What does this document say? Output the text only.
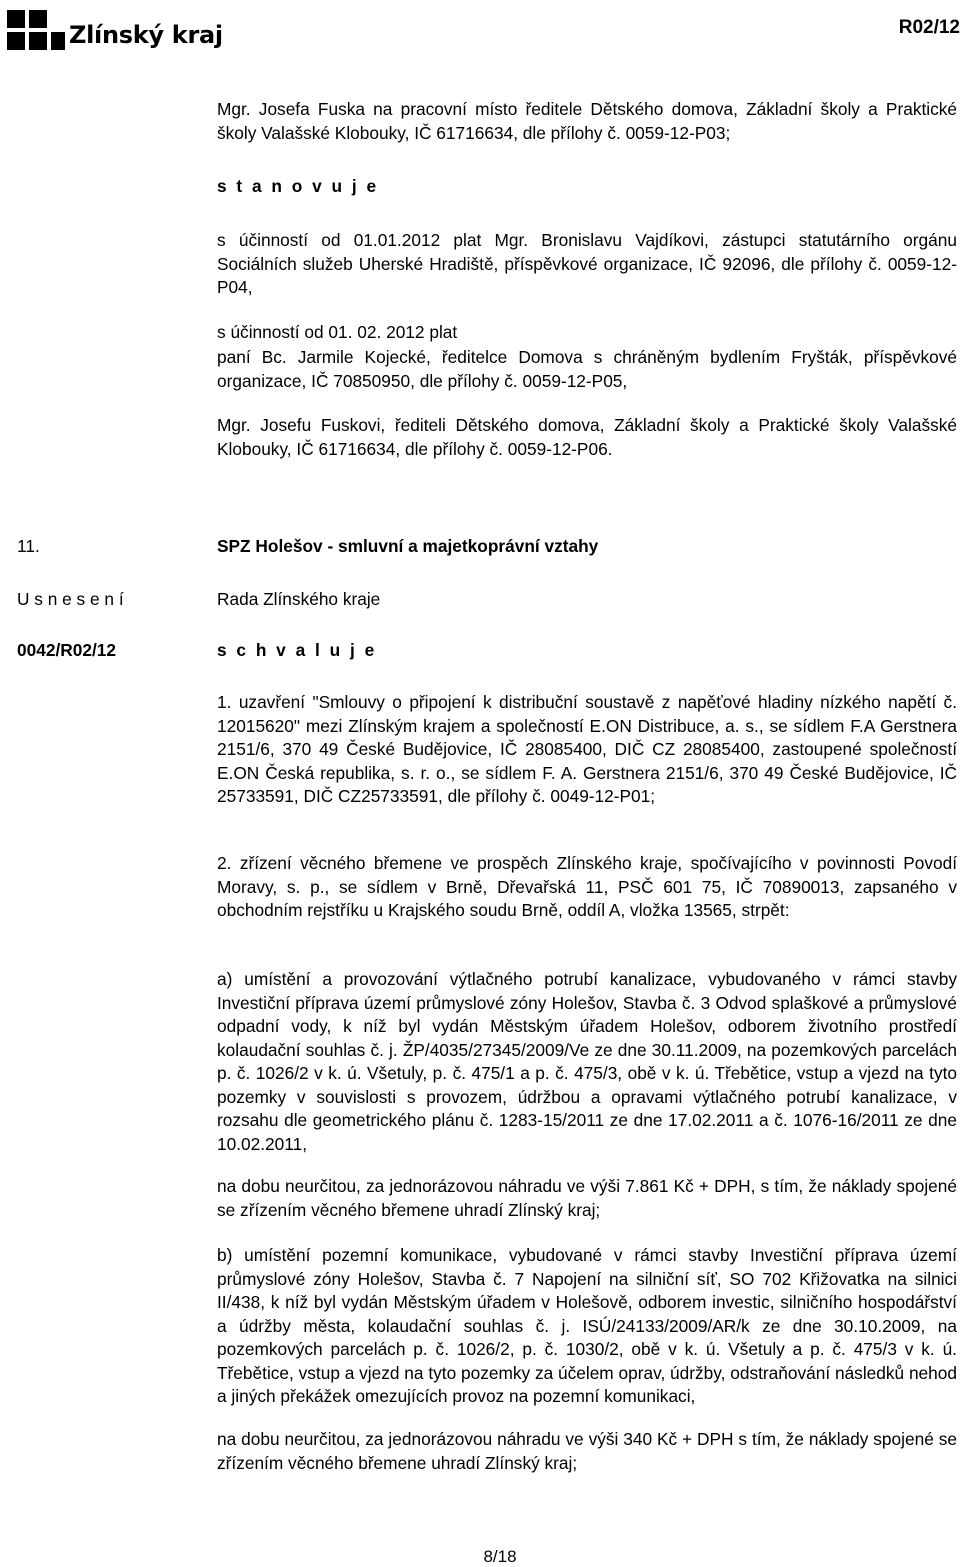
Zlínský kraj	R02/12

Mgr. Josefa Fuska na pracovní místo ředitele Dětského domova, Základní školy a Praktické školy Valašské Klobouky, IČ 61716634, dle přílohy č. 0059-12-P03;

s t a n o v u j e

s účinností od 01.01.2012 plat Mgr. Bronislavu Vajdíkovi, zástupci statutárního orgánu Sociálních služeb Uherské Hradiště, příspěvkové organizace, IČ 92096, dle přílohy č. 0059-12-P04,

s účinností od 01. 02. 2012 plat

paní Bc. Jarmile Kojecké, ředitelce Domova s chráněným bydlením Fryšták, příspěvkové organizace, IČ 70850950, dle přílohy č. 0059-12-P05,

Mgr. Josefu Fuskovi, řediteli Dětského domova, Základní školy a Praktické školy Valašské Klobouky, IČ 61716634, dle přílohy č. 0059-12-P06.

11.	SPZ Holešov - smluvní a majetkoprávní vztahy

U s n e s e n í	Rada Zlínského kraje

0042/R02/12	s c h v a l u j e

1. uzavření "Smlouvy o připojení k distribuční soustavě z napěťové hladiny nízkého napětí č. 12015620" mezi Zlínským krajem a společností E.ON Distribuce, a. s., se sídlem F.A Gerstnera 2151/6, 370 49 České Budějovice, IČ 28085400, DIČ CZ 28085400, zastoupené společností E.ON Česká republika, s. r. o., se sídlem F. A. Gerstnera 2151/6, 370 49 České Budějovice, IČ 25733591, DIČ CZ25733591, dle přílohy č. 0049-12-P01;

2. zřízení věcného břemene ve prospěch Zlínského kraje, spočívajícího v povinnosti Povodí Moravy, s. p., se sídlem v Brně, Dřevařská 11, PSČ 601 75, IČ 70890013, zapsaného v obchodním rejstříku u Krajského soudu Brně, oddíl A, vložka 13565, strpět:

a) umístění a provozování výtlačného potrubí kanalizace, vybudovaného v rámci stavby Investiční příprava území průmyslové zóny Holešov, Stavba č. 3 Odvod splaškové a průmyslové odpadní vody, k níž byl vydán Městským úřadem Holešov, odborem životního prostředí kolaudační souhlas č. j. ŽP/4035/27345/2009/Ve ze dne 30.11.2009, na pozemkových parcelách p. č. 1026/2 v k. ú. Všetuly, p. č. 475/1 a p. č. 475/3, obě v k. ú. Třebětice, vstup a vjezd na tyto pozemky v souvislosti s provozem, údržbou a opravami výtlačného potrubí kanalizace, v rozsahu dle geometrického plánu č. 1283-15/2011 ze dne 17.02.2011 a č. 1076-16/2011 ze dne 10.02.2011,

na dobu neurčitou, za jednorázovou náhradu ve výši 7.861 Kč + DPH, s tím, že náklady spojené se zřízením věcného břemene uhradí Zlínský kraj;

b) umístění pozemní komunikace, vybudované v rámci stavby Investiční příprava území průmyslové zóny Holešov, Stavba č. 7 Napojení na silniční síť, SO 702 Křižovatka na silnici II/438, k níž byl vydán Městským úřadem v Holešově, odborem investic, silničního hospodářství a údržby města, kolaudační souhlas č. j. ISÚ/24133/2009/AR/k ze dne 30.10.2009, na pozemkových parcelách p. č. 1026/2, p. č. 1030/2, obě v k. ú. Všetuly a p. č. 475/3 v k. ú. Třebětice, vstup a vjezd na tyto pozemky za účelem oprav, údržby, odstraňování následků nehod a jiných překážek omezujících provoz na pozemní komunikaci,

na dobu neurčitou, za jednorázovou náhradu ve výši 340 Kč + DPH s tím, že náklady spojené se zřízením věcného břemene uhradí Zlínský kraj;

8/18
